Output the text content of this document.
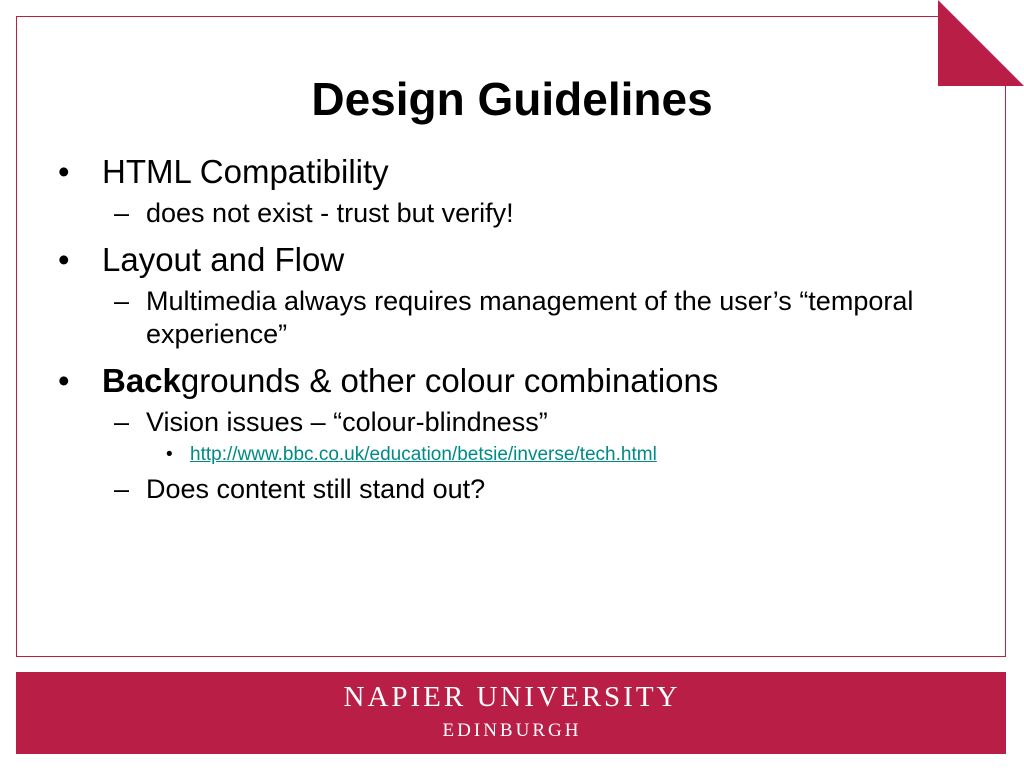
Design Guidelines
• HTML Compatibility
– does not exist - trust but verify!
• Layout and Flow
– Multimedia always requires management of the user’s “temporal experience”
• Backgrounds & other colour combinations
– Vision issues – “colour-blindness”
• http://www.bbc.co.uk/education/betsie/inverse/tech.html
– Does content still stand out?
NAPIER UNIVERSITY
EDINBURGH
